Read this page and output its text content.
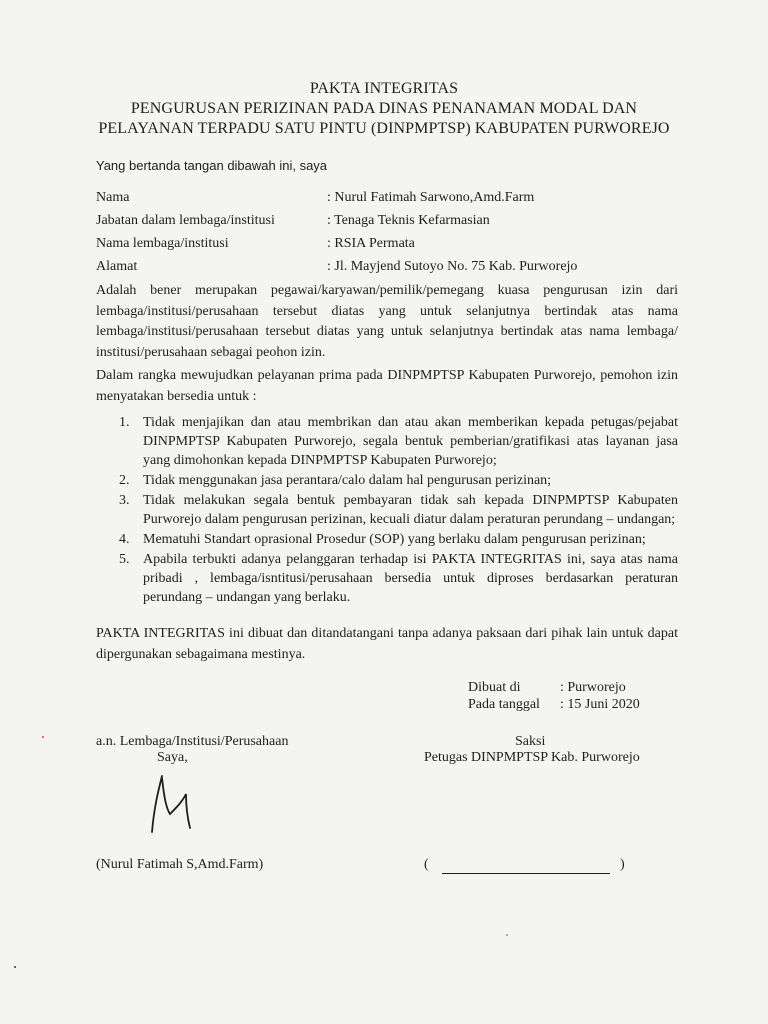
PAKTA INTEGRITAS
PENGURUSAN PERIZINAN PADA DINAS PENANAMAN MODAL DAN
PELAYANAN TERPADU SATU PINTU (DINPMPTSP) KABUPATEN PURWOREJO
Yang bertanda tangan dibawah ini, saya
Nama	: Nurul Fatimah Sarwono,Amd.Farm
Jabatan dalam lembaga/institusi	: Tenaga Teknis Kefarmasian
Nama lembaga/institusi	: RSIA Permata
Alamat	: Jl. Mayjend Sutoyo No. 75 Kab. Purworejo
Adalah bener merupakan pegawai/karyawan/pemilik/pemegang kuasa pengurusan izin dari lembaga/institusi/perusahaan tersebut diatas yang untuk selanjutnya bertindak atas nama lembaga/institusi/perusahaan tersebut diatas yang untuk selanjutnya bertindak atas nama lembaga/ institusi/perusahaan sebagai peohon izin.
Dalam rangka mewujudkan pelayanan prima pada DINPMPTSP Kabupaten Purworejo, pemohon izin menyatakan bersedia untuk :
1. Tidak menjajikan dan atau membrikan dan atau akan memberikan kepada petugas/pejabat DINPMPTSP Kabupaten Purworejo, segala bentuk pemberian/gratifikasi atas layanan jasa yang dimohonkan kepada DINPMPTSP Kabupaten Purworejo;
2. Tidak menggunakan jasa perantara/calo dalam hal pengurusan perizinan;
3. Tidak melakukan segala bentuk pembayaran tidak sah kepada DINPMPTSP Kabupaten Purworejo dalam pengurusan perizinan, kecuali diatur dalam peraturan perundang – undangan;
4. Mematuhi Standart oprasional Prosedur (SOP) yang berlaku dalam pengurusan perizinan;
5. Apabila terbukti adanya pelanggaran terhadap isi PAKTA INTEGRITAS ini, saya atas nama pribadi , lembaga/isntitusi/perusahaan bersedia untuk diproses berdasarkan peraturan perundang – undangan yang berlaku.
PAKTA INTEGRITAS ini dibuat dan ditandatangani tanpa adanya paksaan dari pihak lain untuk dapat dipergunakan sebagaimana mestinya.
Dibuat di	: Purworejo
Pada tanggal : 15 Juni 2020
a.n. Lembaga/Institusi/Perusahaan
Saya,
(Nurul Fatimah S,Amd.Farm)
Saksi
Petugas DINPMPTSP Kab. Purworejo
(	)
